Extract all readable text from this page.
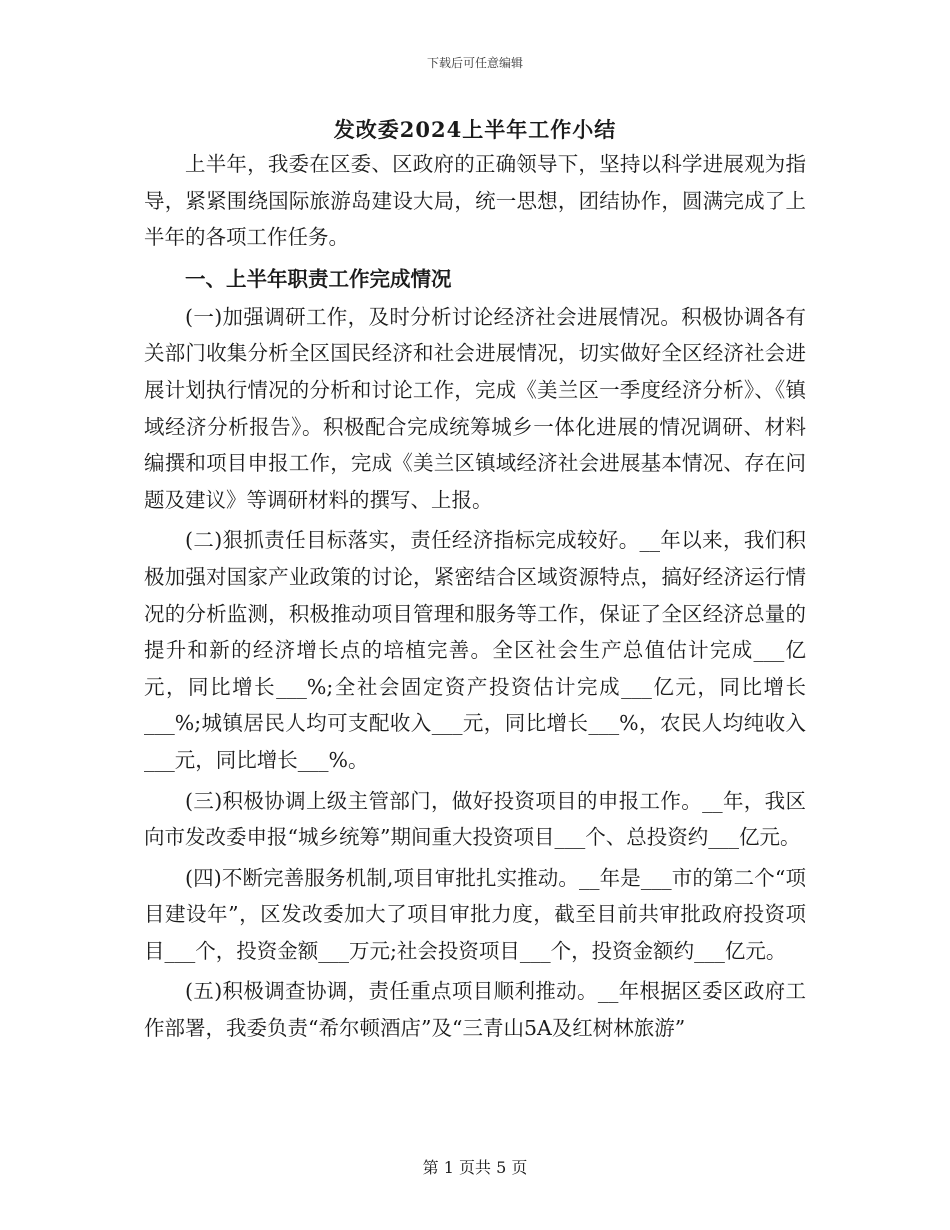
下载后可任意编辑
发改委2024上半年工作小结

上半年，我委在区委、区政府的正确领导下，坚持以科学进展观为指导，紧紧围绕国际旅游岛建设大局，统一思想，团结协作，圆满完成了上半年的各项工作任务。

一、上半年职责工作完成情况

(一)加强调研工作，及时分析讨论经济社会进展情况。积极协调各有关部门收集分析全区国民经济和社会进展情况，切实做好全区经济社会进展计划执行情况的分析和讨论工作，完成《美兰区一季度经济分析》、《镇域经济分析报告》。积极配合完成统筹城乡一体化进展的情况调研、材料编撰和项目申报工作，完成《美兰区镇域经济社会进展基本情况、存在问题及建议》等调研材料的撰写、上报。

(二)狠抓责任目标落实，责任经济指标完成较好。__年以来，我们积极加强对国家产业政策的讨论，紧密结合区域资源特点，搞好经济运行情况的分析监测，积极推动项目管理和服务等工作，保证了全区经济总量的提升和新的经济增长点的培植完善。全区社会生产总值估计完成___亿元，同比增长___%;全社会固定资产投资估计完成___亿元，同比增长___%;城镇居民人均可支配收入___元，同比增长___%，农民人均纯收入___元，同比增长___%。

(三)积极协调上级主管部门，做好投资项目的申报工作。__年，我区向市发改委申报“城乡统筹”期间重大投资项目___个、总投资约___亿元。

(四)不断完善服务机制,项目审批扎实推动。__年是___市的第二个“项目建设年”，区发改委加大了项目审批力度，截至目前共审批政府投资项目___个，投资金额___万元;社会投资项目___个，投资金额约___亿元。

(五)积极调查协调，责任重点项目顺利推动。__年根据区委区政府工作部署，我委负责“希尔顿酒店”及“三青山5A及红树林旅游”

第 1 页共 5 页
